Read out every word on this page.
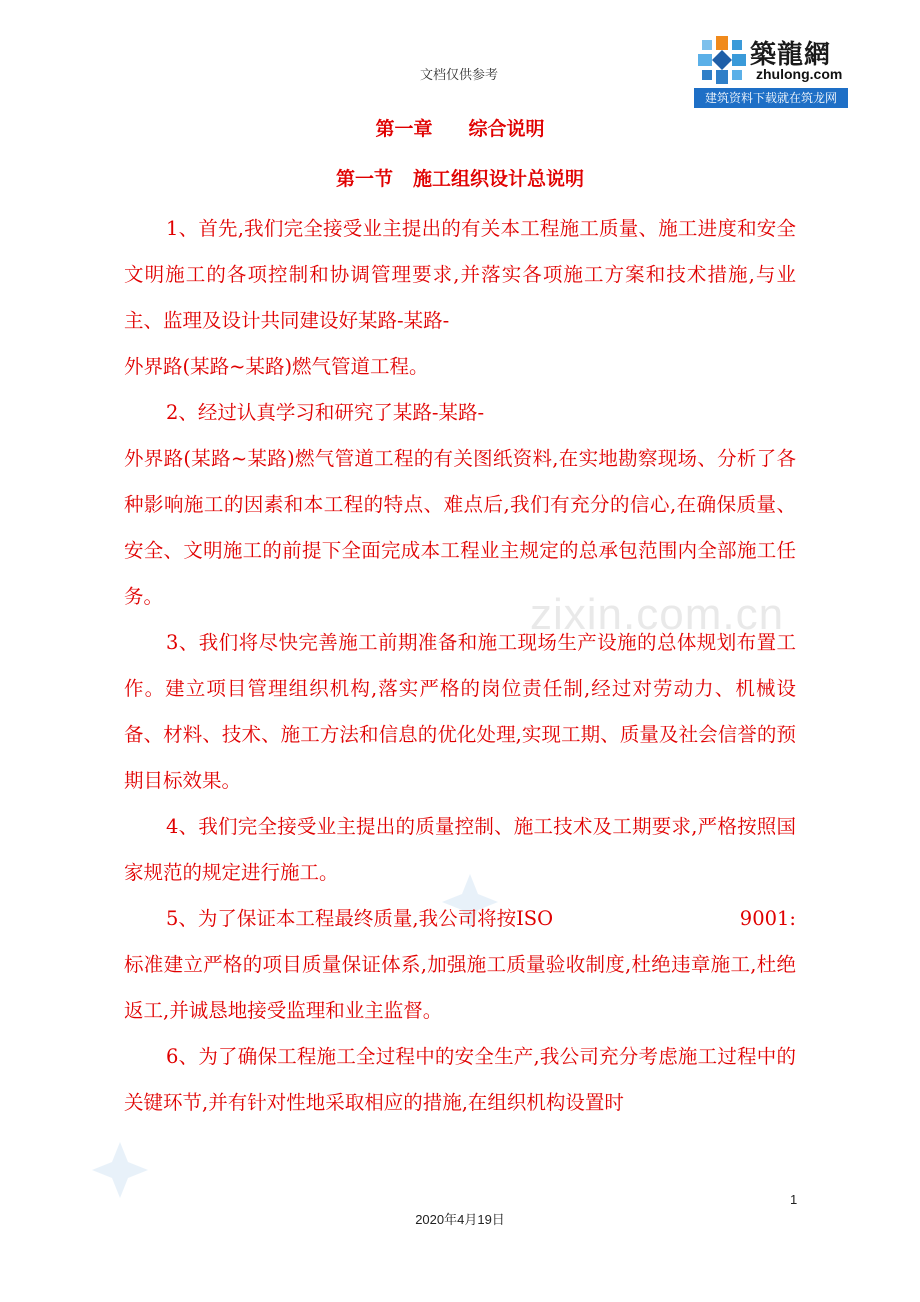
zixin.com.cn
文档仅供参考
築龍網
zhulong.com
建筑资料下载就在筑龙网
第一章 综合说明
第一节 施工组织设计总说明

1、首先,我们完全接受业主提出的有关本工程施工质量、施工进度和安全文明施工的各项控制和协调管理要求,并落实各项施工方案和技术措施,与业主、监理及设计共同建设好某路-某路-

外界路(某路~某路)燃气管道工程。

2、经过认真学习和研究了某路-某路-

外界路(某路~某路)燃气管道工程的有关图纸资料,在实地勘察现场、分析了各种影响施工的因素和本工程的特点、难点后,我们有充分的信心,在确保质量、安全、文明施工的前提下全面完成本工程业主规定的总承包范围内全部施工任务。

3、我们将尽快完善施工前期准备和施工现场生产设施的总体规划布置工作。建立项目管理组织机构,落实严格的岗位责任制,经过对劳动力、机械设备、材料、技术、施工方法和信息的优化处理,实现工期、质量及社会信誉的预期目标效果。

4、我们完全接受业主提出的质量控制、施工技术及工期要求,严格按照国家规范的规定进行施工。

5、为了保证本工程最终质量,我公司将按ISO	9001:

标准建立严格的项目质量保证体系,加强施工质量验收制度,杜绝违章施工,杜绝返工,并诚恳地接受监理和业主监督。

6、为了确保工程施工全过程中的安全生产,我公司充分考虑施工过程中的关键环节,并有针对性地采取相应的措施,在组织机构设置时

1
2020年4月19日
